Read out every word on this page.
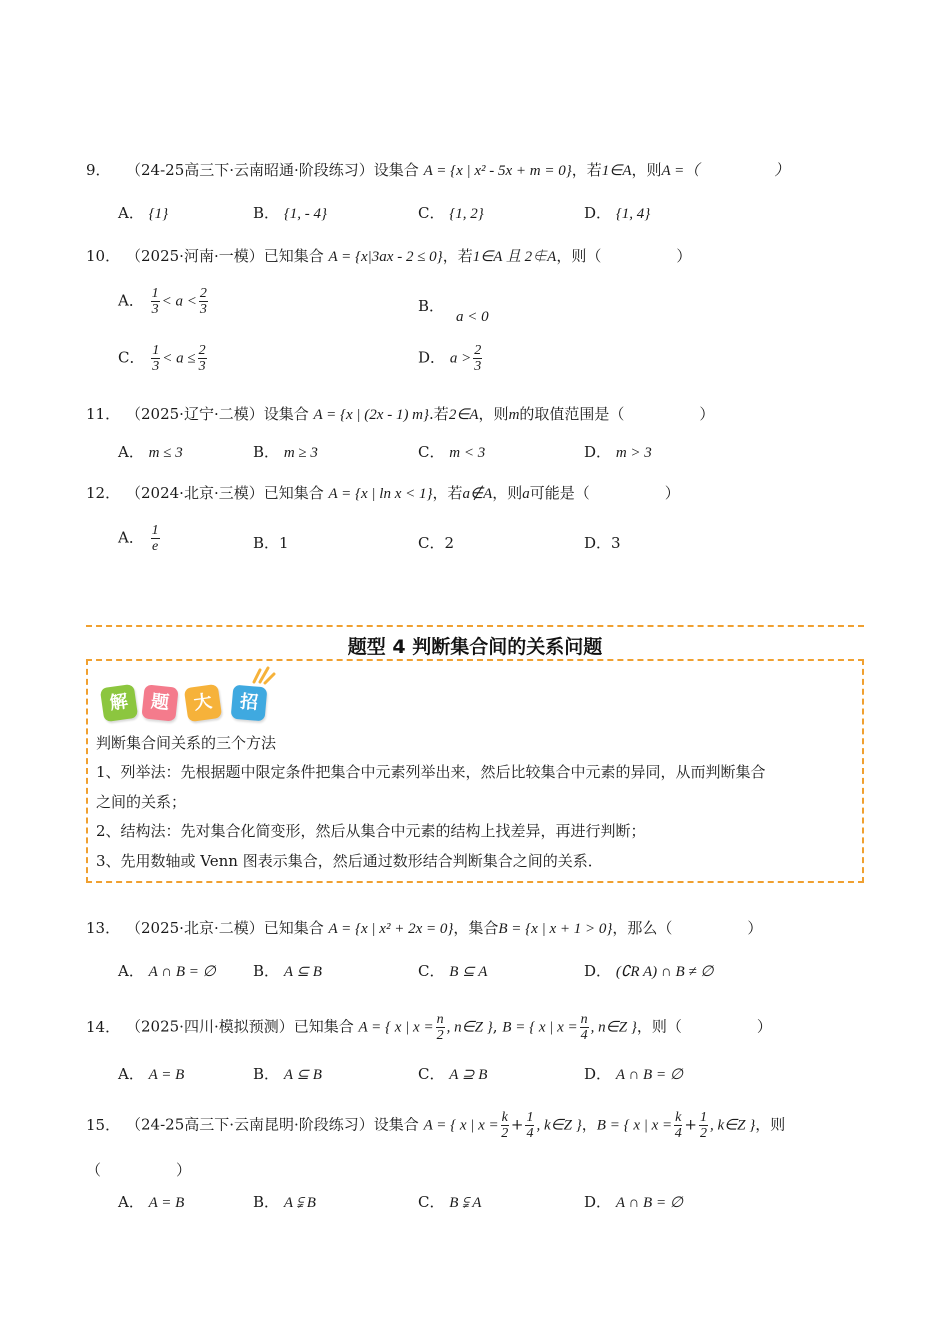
9． （24-25高三下·云南昭通·阶段练习）设集合 A = {x | x² - 5x + m = 0}，若1∈A，则A =（　　　　　）
A． {1}	B． {1, - 4}	C． {1, 2}	D． {1, 4}
10． （2025·河南·一模）已知集合 A = {x|3ax - 2 ≤ 0}，若1∈A 且 2∉A，则（　　　　　）
A． $\frac{1}{3} < a < \frac{2}{3}$	B．a < 0
C． $\frac{1}{3} < a \le \frac{2}{3}$	D． $a > \frac{2}{3}$
11． （2025·辽宁·二模）设集合 A = {x | (2x - 1) m}.若2∈A，则m的取值范围是（　　　　　）
A． m ≤ 3	B． m ≥ 3	C． m < 3	D． m > 3
12． （2024·北京·三模）已知集合 A = {x | ln x < 1}，若a∉A，则a可能是（　　　　　）
A． $\frac{1}{e}$	B．1	C．2	D．3
题型 4 判断集合间的关系问题
解	题	大	招
判断集合间关系的三个方法
1、列举法：先根据题中限定条件把集合中元素列举出来，然后比较集合中元素的异同，从而判断集合
之间的关系；
2、结构法：先对集合化简变形，然后从集合中元素的结构上找差异，再进行判断；
3、先用数轴或 Venn 图表示集合，然后通过数形结合判断集合之间的关系．
13． （2025·北京·二模）已知集合 A = {x | x² + 2x = 0}，集合B = {x | x + 1 > 0}，那么（　　　　　）
A． A ∩ B = ∅ B． A ⊆ B	C． B ⊆ A	D． (∁R A) ∩ B ≠ ∅
14． （2025·四川·模拟预测）已知集合 A = { x | $x = \frac{n}{2}$ , n∈Z }, B = { x | $x = \frac{n}{4}$ , n∈Z }，则（　　　　　）
A． A = B	B． A ⊆ B	C． A ⊇ B	D． A ∩ B = ∅
15． （24-25高三下·云南昆明·阶段练习）设集合 A = { x | $x = \frac{k}{2} + \frac{1}{4}$ , k∈Z }，B = { x | $x = \frac{k}{4} + \frac{1}{2}$ , k∈Z }，则
（　　　　　）
A． A = B	B． A ⫋ B	C． B ⫋ A	D． A ∩ B = ∅
